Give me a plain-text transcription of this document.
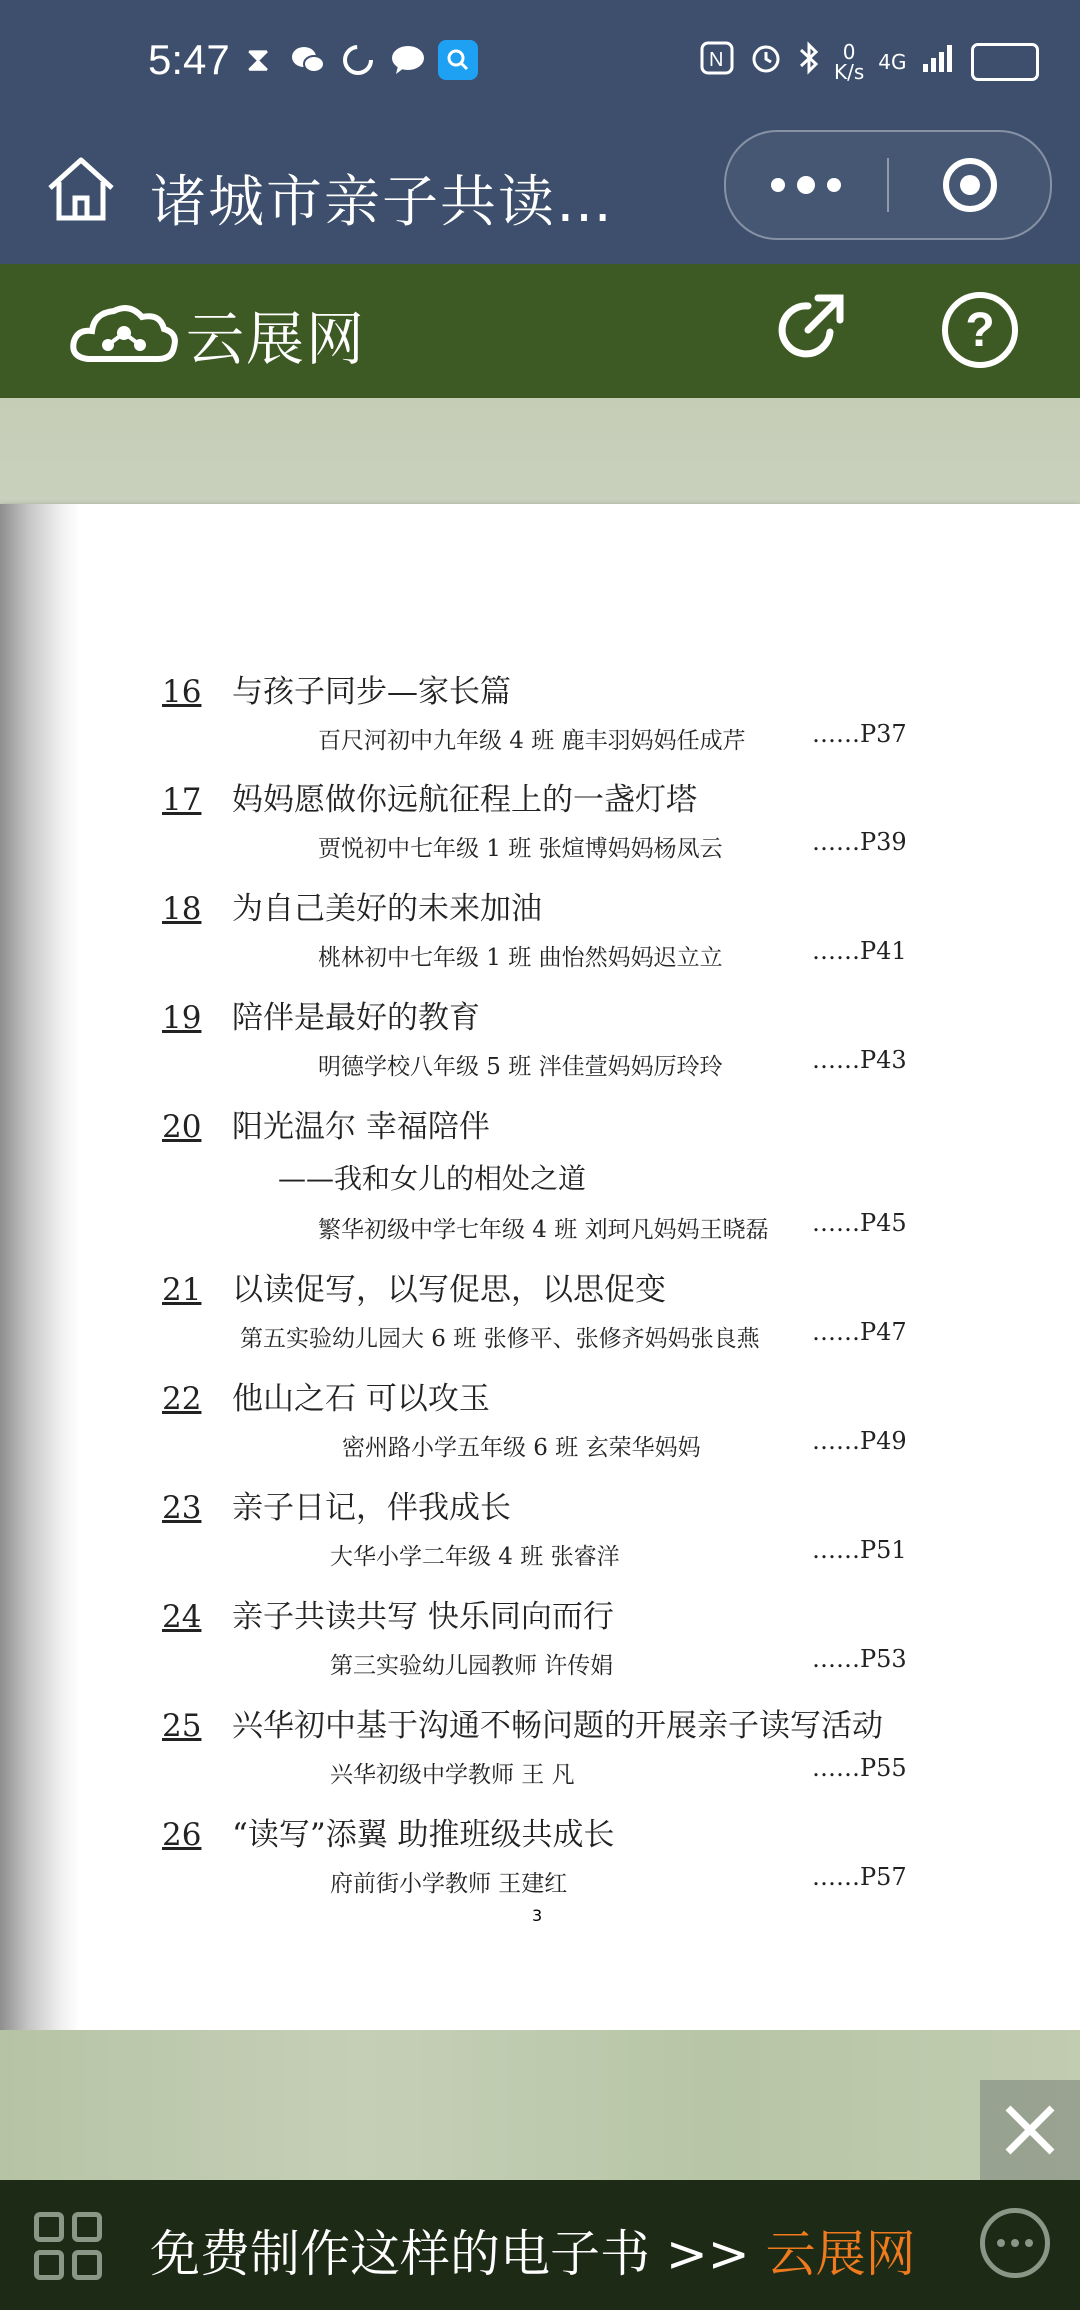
5:47 ⧗	N	0
K/s 4G	94
诸城市亲子共读…
云展网	?
16 与孩子同步—家长篇
百尺河初中九年级 4 班 鹿丰羽妈妈任成芹	……P37
17 妈妈愿做你远航征程上的一盏灯塔
贾悦初中七年级 1 班 张煊博妈妈杨凤云	……P39
18 为自己美好的未来加油
桃林初中七年级 1 班 曲怡然妈妈迟立立	……P41
19 陪伴是最好的教育
明德学校八年级 5 班 泮佳萱妈妈厉玲玲	……P43
20 阳光温尔 幸福陪伴
——我和女儿的相处之道
繁华初级中学七年级 4 班 刘珂凡妈妈王晓磊 ……P45
21 以读促写，以写促思，以思促变
第五实验幼儿园大 6 班 张修平、张修齐妈妈张良燕 ……P47
22 他山之石 可以攻玉
密州路小学五年级 6 班 玄荣华妈妈	……P49
23 亲子日记，伴我成长
大华小学二年级 4 班 张睿洋	……P51
24 亲子共读共写 快乐同向而行
第三实验幼儿园教师 许传娟	……P53
25 兴华初中基于沟通不畅问题的开展亲子读写活动
兴华初级中学教师 王 凡	……P55
26 “读写”添翼 助推班级共成长
府前街小学教师 王建红	……P57
3
免费制作这样的电子书 >> 云展网
